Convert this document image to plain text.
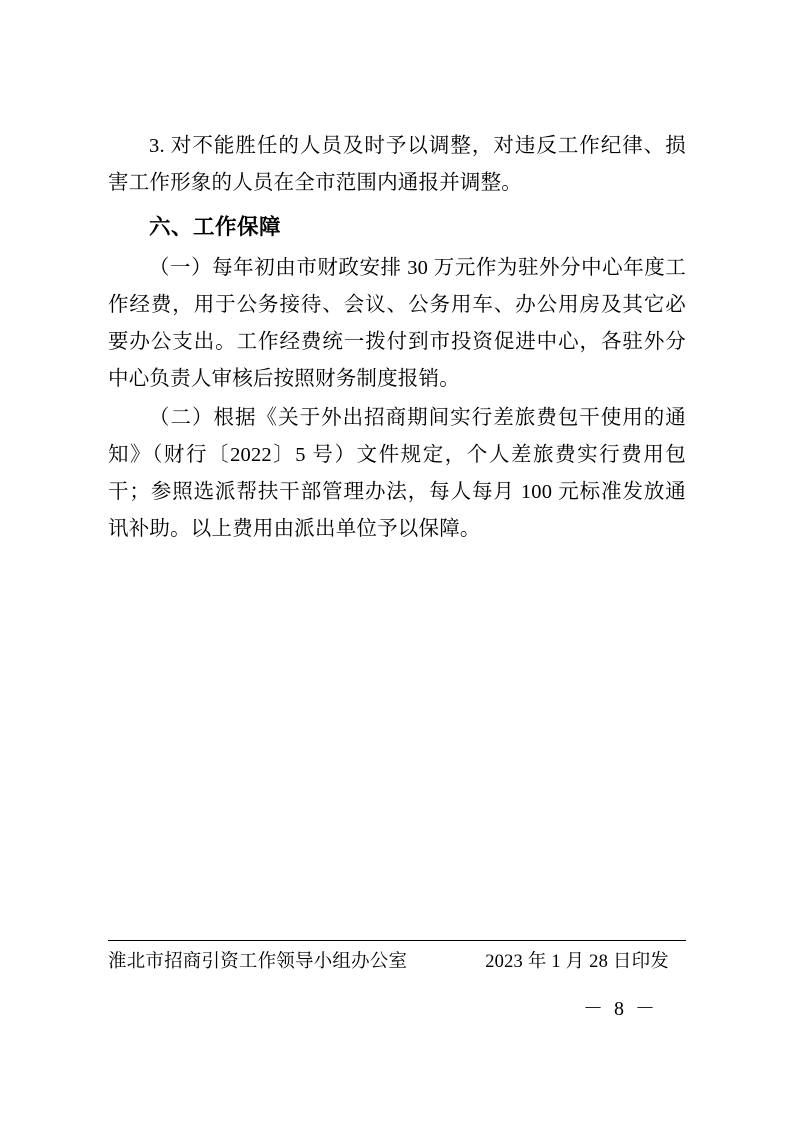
3. 对不能胜任的人员及时予以调整，对违反工作纪律、损害工作形象的人员在全市范围内通报并调整。

六、工作保障

（一）每年初由市财政安排 30 万元作为驻外分中心年度工作经费，用于公务接待、会议、公务用车、办公用房及其它必要办公支出。工作经费统一拨付到市投资促进中心，各驻外分中心负责人审核后按照财务制度报销。

（二）根据《关于外出招商期间实行差旅费包干使用的通知》（财行〔2022〕5 号）文件规定，个人差旅费实行费用包干；参照选派帮扶干部管理办法，每人每月 100 元标准发放通讯补助。以上费用由派出单位予以保障。

淮北市招商引资工作领导小组办公室	2023 年 1 月 28 日印发
－ 8 －
